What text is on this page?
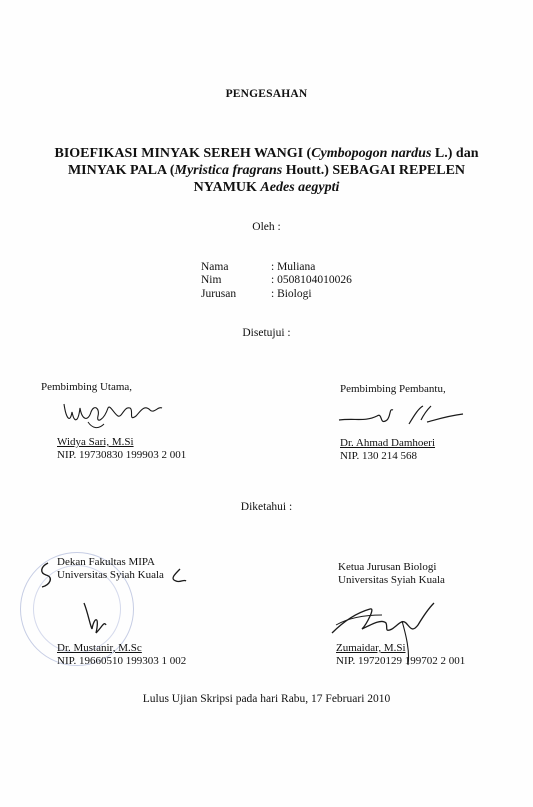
PENGESAHAN
BIOEFIKASI MINYAK SEREH WANGI (Cymbopogon nardus L.) dan
MINYAK PALA (Myristica fragrans Houtt.) SEBAGAI REPELEN
NYAMUK Aedes aegypti
Oleh :
Nama	: Muliana
Nim	: 0508104010026
Jurusan	: Biologi
Disetujui :
Pembimbing Utama,
Widya Sari, M.Si
NIP. 19730830 199903 2 001
Pembimbing Pembantu,
Dr. Ahmad Damhoeri
NIP. 130 214 568
Diketahui :
Dekan Fakultas MIPA
Universitas Syiah Kuala
Dr. Mustanir, M.Sc
NIP. 19660510 199303 1 002
Ketua Jurusan Biologi
Universitas Syiah Kuala
Zumaidar, M.Si
NIP. 19720129 199702 2 001
Lulus Ujian Skripsi pada hari Rabu, 17 Februari 2010
